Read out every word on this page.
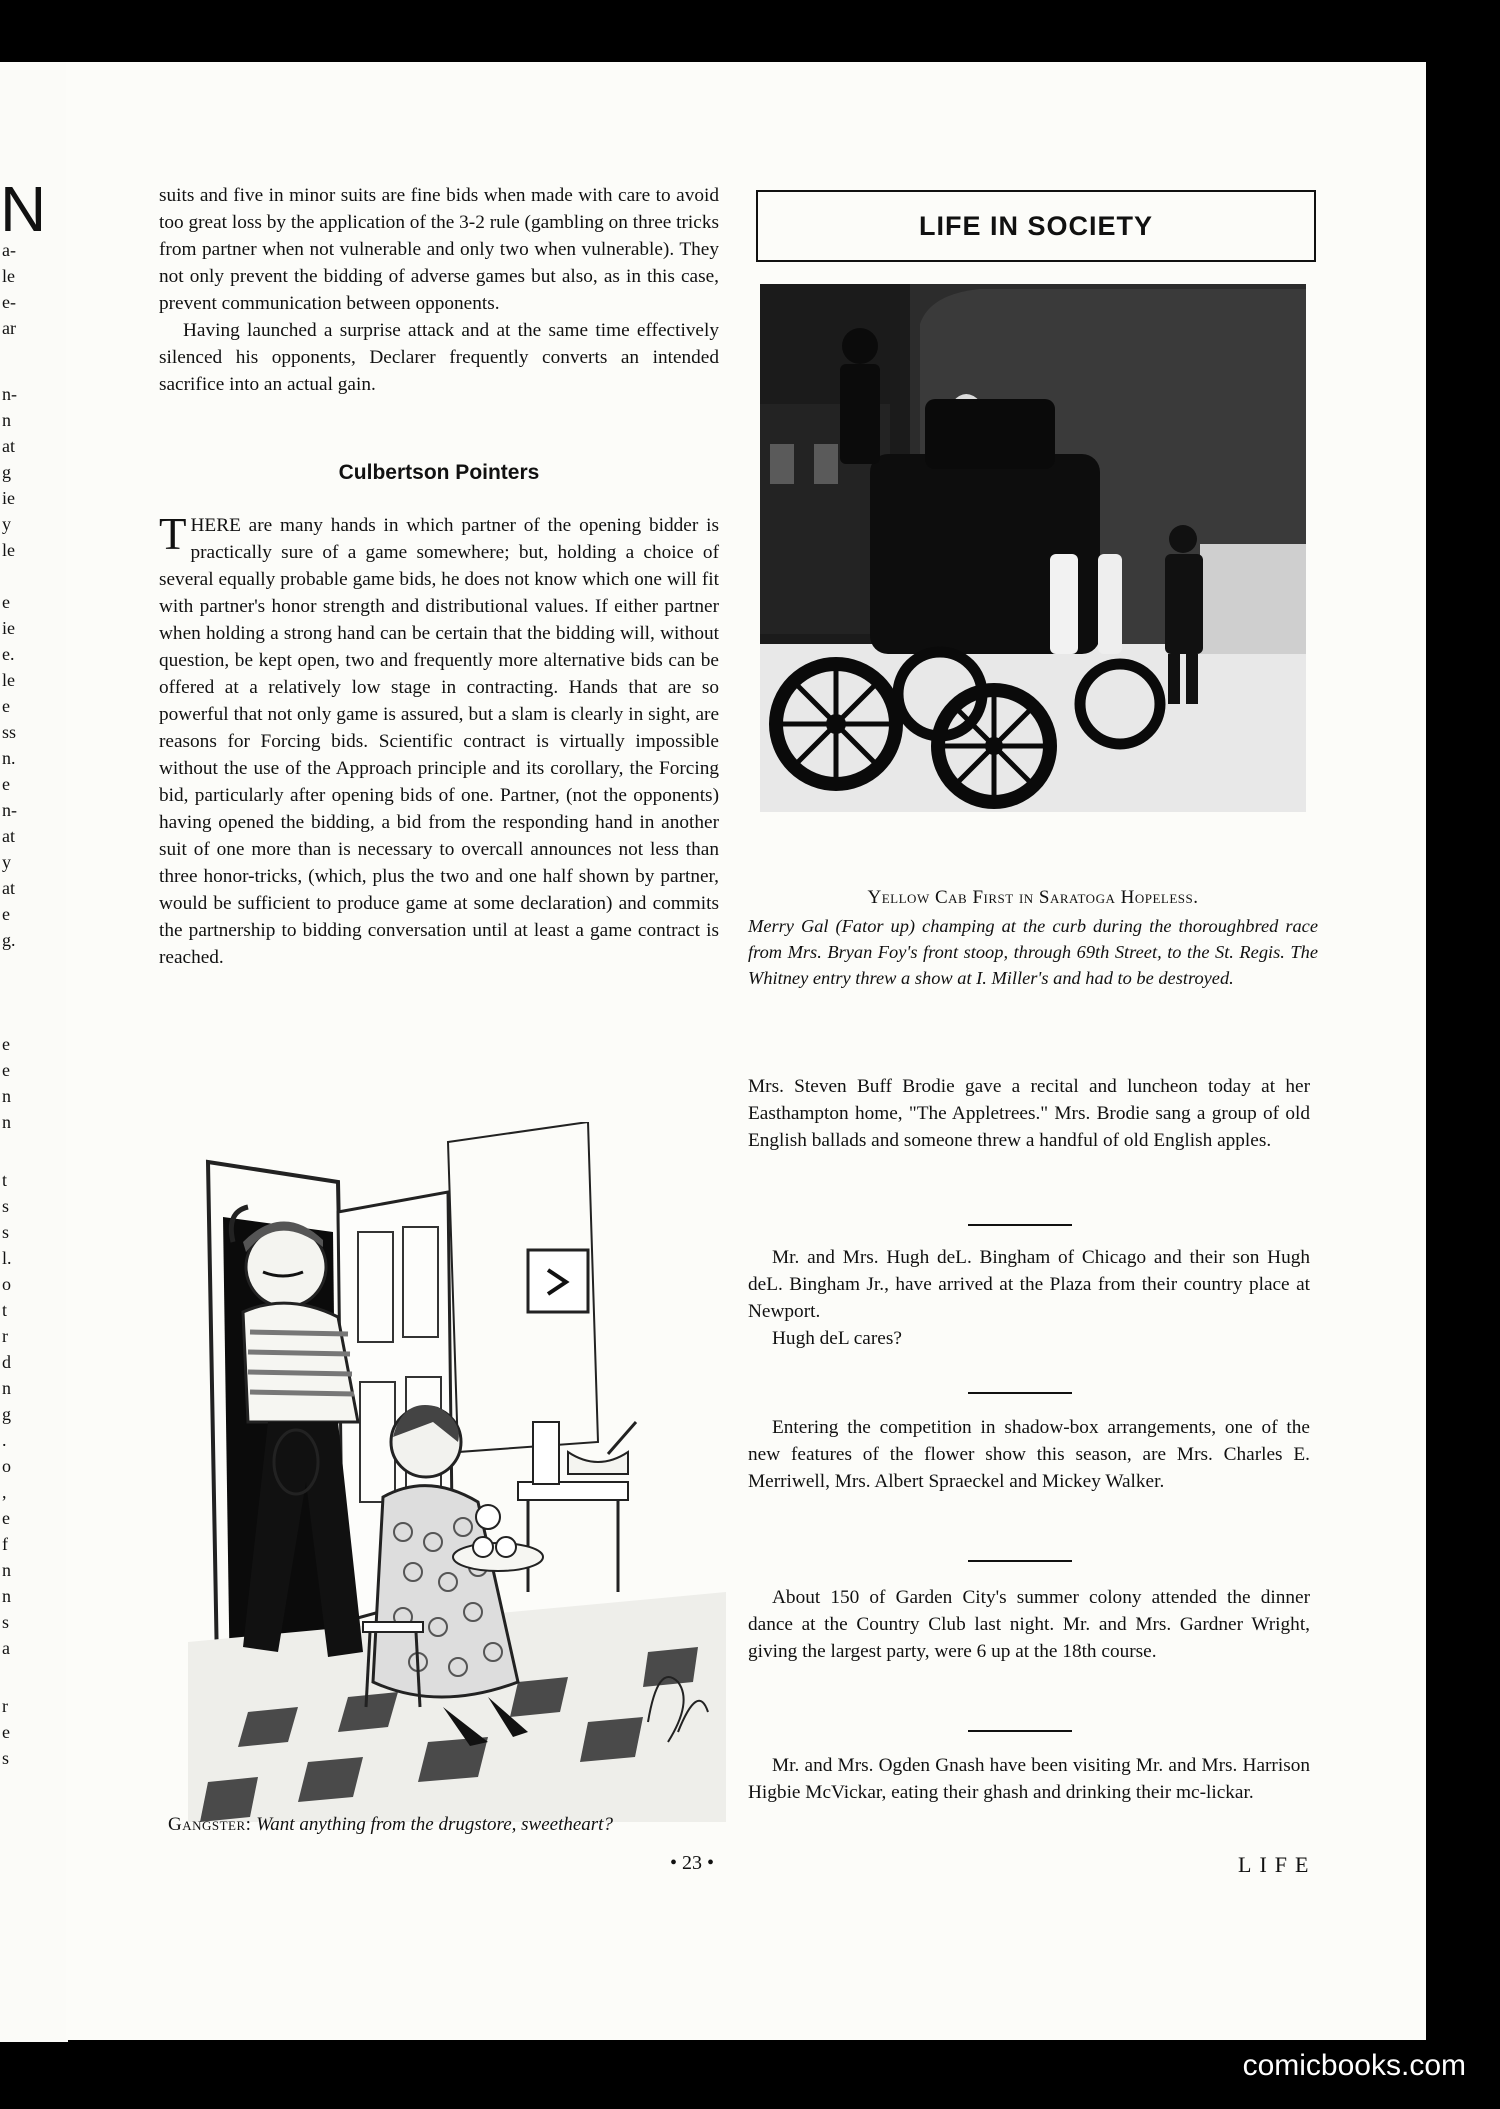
N
a-
le
e-
ar
n-
n
at
g
ie
y
le
e
ie
e.
le
e
ss
n.
e
n-
at
y
at
e
g.
e
e
n
n
t
s
s
l.
o
t
r
d
n
g
.
o
,
e
f
n
n
s
a
r
e
s

suits and five in minor suits are fine bids when made with care to avoid too great loss by the application of the 3-2 rule (gambling on three tricks from partner when not vulnerable and only two when vulnerable). They not only prevent the bidding of adverse games but also, as in this case, prevent communication between opponents.

Having launched a surprise attack and at the same time effectively silenced his opponents, Declarer frequently converts an intended sacrifice into an actual gain.

Culbertson Pointers
THERE are many hands in which partner of the opening bidder is practically sure of a game somewhere; but, holding a choice of several equally probable game bids, he does not know which one will fit with partner's honor strength and distributional values. If either partner when holding a strong hand can be certain that the bidding will, without question, be kept open, two and frequently more alternative bids can be offered at a relatively low stage in contracting. Hands that are so powerful that not only game is assured, but a slam is clearly in sight, are reasons for Forcing bids. Scientific contract is virtually impossible without the use of the Approach principle and its corollary, the Forcing bid, particularly after opening bids of one. Partner, (not the opponents) having opened the bidding, a bid from the responding hand in another suit of one more than is necessary to overcall announces not less than three honor-tricks, (which, plus the two and one half shown by partner, would be sufficient to produce game at some declaration) and commits the partnership to bidding conversation until at least a game contract is reached.
LIFE IN SOCIETY
Yellow Cab First in Saratoga Hopeless.
Merry Gal (Fator up) champing at the curb during the thoroughbred race from Mrs. Bryan Foy's front stoop, through 69th Street, to the St. Regis. The Whitney entry threw a show at I. Miller's and had to be destroyed.

Mrs. Steven Buff Brodie gave a recital and luncheon today at her Easthampton home, "The Appletrees." Mrs. Brodie sang a group of old English ballads and someone threw a handful of old English apples.

Mr. and Mrs. Hugh deL. Bingham of Chicago and their son Hugh deL. Bingham Jr., have arrived at the Plaza from their country place at Newport.

Hugh deL cares?

Entering the competition in shadow-box arrangements, one of the new features of the flower show this season, are Mrs. Charles E. Merriwell, Mrs. Albert Spraeckel and Mickey Walker.

About 150 of Garden City's summer colony attended the dinner dance at the Country Club last night. Mr. and Mrs. Gardner Wright, giving the largest party, were 6 up at the 18th course.

Mr. and Mrs. Ogden Gnash have been visiting Mr. and Mrs. Harrison Higbie McVickar, eating their ghash and drinking their mc-lickar.

Gangster: Want anything from the drugstore, sweetheart?
• 23 •	LIFE
comicbooks.com
